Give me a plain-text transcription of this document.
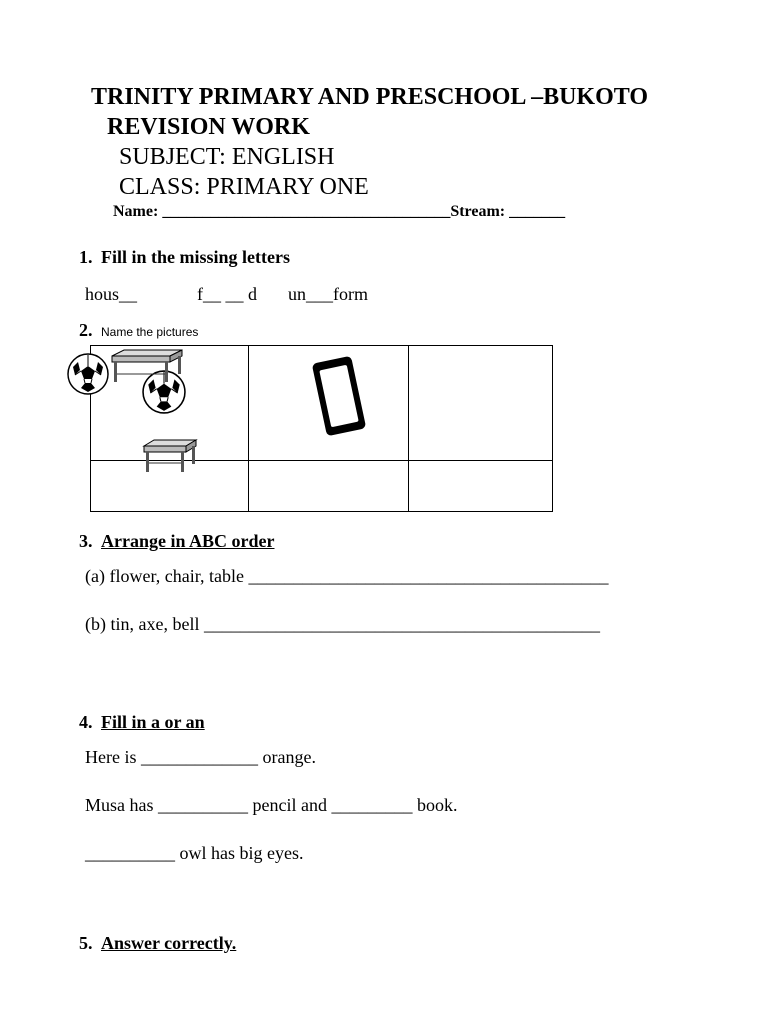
TRINITY PRIMARY AND PRESCHOOL –BUKOTO
REVISION WORK
SUBJECT: ENGLISH
CLASS: PRIMARY ONE
Name: ____________________________________Stream: _______
1. Fill in the missing letters
hous__	f__ __ d un___form
2. Name the pictures
3. Arrange in ABC order
(a) flower, chair, table ________________________________________
(b) tin, axe, bell ____________________________________________
4. Fill in a or an
Here is _____________ orange.
Musa has __________ pencil and _________ book.
__________ owl has big eyes.
5. Answer correctly.
